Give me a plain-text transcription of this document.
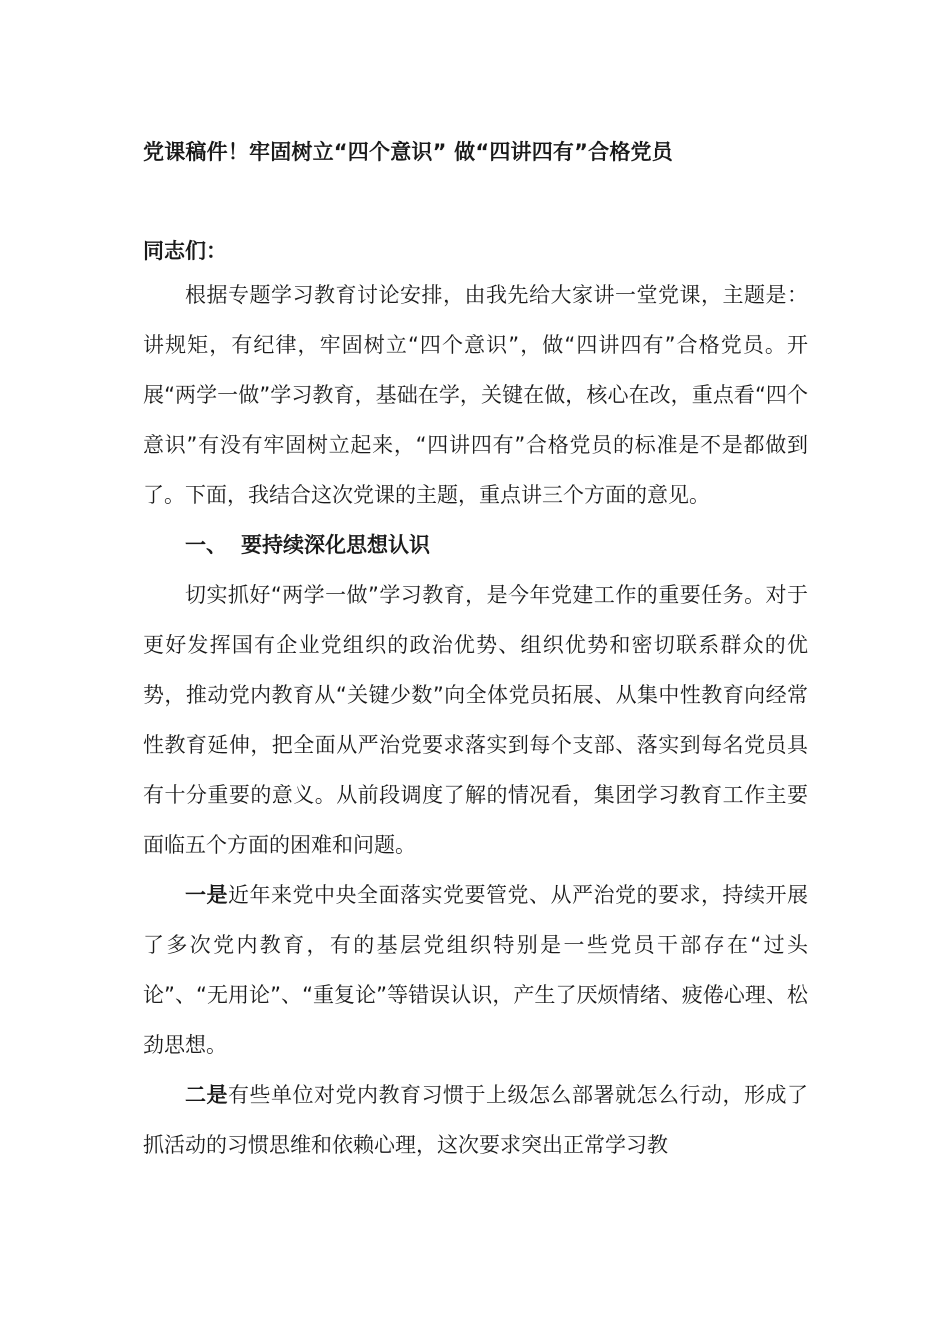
党课稿件！牢固树立“四个意识” 做“四讲四有”合格党员

同志们：

根据专题学习教育讨论安排，由我先给大家讲一堂党课，主题是：讲规矩，有纪律，牢固树立“四个意识”，做“四讲四有”合格党员。开展“两学一做”学习教育，基础在学，关键在做，核心在改，重点看“四个意识”有没有牢固树立起来，“四讲四有”合格党员的标准是不是都做到了。下面，我结合这次党课的主题，重点讲三个方面的意见。

一、 要持续深化思想认识

切实抓好“两学一做”学习教育，是今年党建工作的重要任务。对于更好发挥国有企业党组织的政治优势、组织优势和密切联系群众的优势，推动党内教育从“关键少数”向全体党员拓展、从集中性教育向经常性教育延伸，把全面从严治党要求落实到每个支部、落实到每名党员具有十分重要的意义。从前段调度了解的情况看，集团学习教育工作主要面临五个方面的困难和问题。

一是近年来党中央全面落实党要管党、从严治党的要求，持续开展了多次党内教育，有的基层党组织特别是一些党员干部存在“过头论”、“无用论”、“重复论”等错误认识，产生了厌烦情绪、疲倦心理、松劲思想。

二是有些单位对党内教育习惯于上级怎么部署就怎么行动，形成了抓活动的习惯思维和依赖心理，这次要求突出正常学习教
